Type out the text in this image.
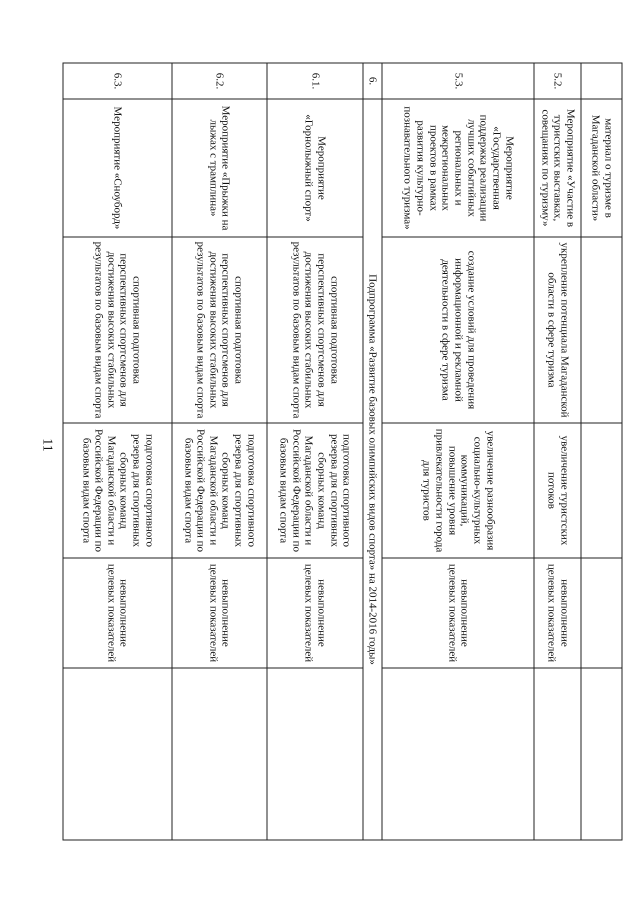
11
	материал о туризме в Магаданской области»				
5.2.	Мероприятие «Участие в туристских выставках, совещаниях по туризму»	укрепление потенциала Магаданской области в сфере туризма	увеличение туристских потоков	невыполнение целевых показателей	
5.3.	Мероприятие «Государственная поддержка реализации лучших событийных региональных и межрегиональных проектов в рамках развития культурно-познавательного туризма»	создание условий для проведения информационной и рекламной деятельности в сфере туризма	увеличение разнообразия социально-культурных коммуникаций, повышение уровня привлекательности города для туристов	невыполнение целевых показателей	
6.	Подпрограмма «Развитие базовых олимпийских видов спорта» на 2014-2016 годы»				
6.1.	Мероприятие «Горнолыжный спорт»	спортивная подготовка перспективных спортсменов для достижения высоких стабильных результатов по базовым видам спорта	подготовка спортивного резерва для спортивных сборных команд Магаданской области и Российской Федерации по базовым видам спорта	невыполнение целевых показателей	
6.2.	Мероприятие «Прыжки на лыжах с трамплина»	спортивная подготовка перспективных спортсменов для достижения высоких стабильных результатов по базовым видам спорта	подготовка спортивного резерва для спортивных сборных команд Магаданской области и Российской Федерации по базовым видам спорта	невыполнение целевых показателей	
6.3.	Мероприятие «Сноуборд»	спортивная подготовка перспективных спортсменов для достижения высоких стабильных результатов по базовым видам спорта	подготовка спортивного резерва для спортивных сборных команд Магаданской области и Российской Федерации по базовым видам спорта	невыполнение целевых показателей	
